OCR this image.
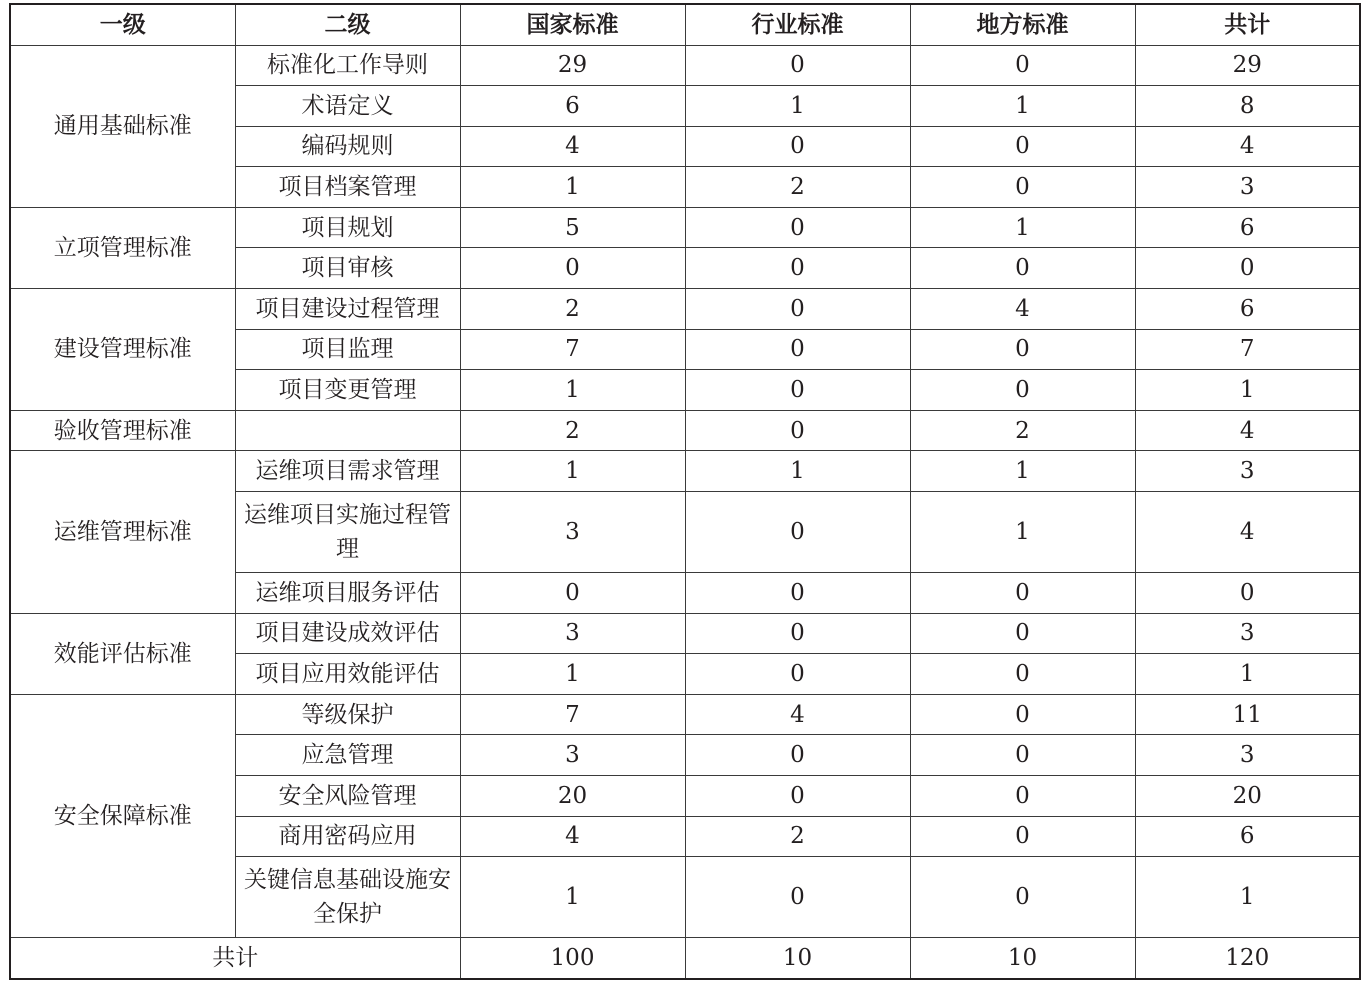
一级	二级	国家标准	行业标准	地方标准	共计
通用基础标准	标准化工作导则	29	0	0	29
	术语定义	6	1	1	8
	编码规则	4	0	0	4
	项目档案管理	1	2	0	3
立项管理标准	项目规划	5	0	1	6
	项目审核	0	0	0	0
建设管理标准	项目建设过程管理	2	0	4	6
	项目监理	7	0	0	7
	项目变更管理	1	0	0	1
验收管理标准		2	0	2	4
运维管理标准	运维项目需求管理	1	1	1	3
	运维项目实施过程管理	3	0	1	4
	运维项目服务评估	0	0	0	0
效能评估标准	项目建设成效评估	3	0	0	3
	项目应用效能评估	1	0	0	1
安全保障标准	等级保护	7	4	0	11
	应急管理	3	0	0	3
	安全风险管理	20	0	0	20
	商用密码应用	4	2	0	6
	关键信息基础设施安全保护	1	0	0	1
共计		100	10	10	120
